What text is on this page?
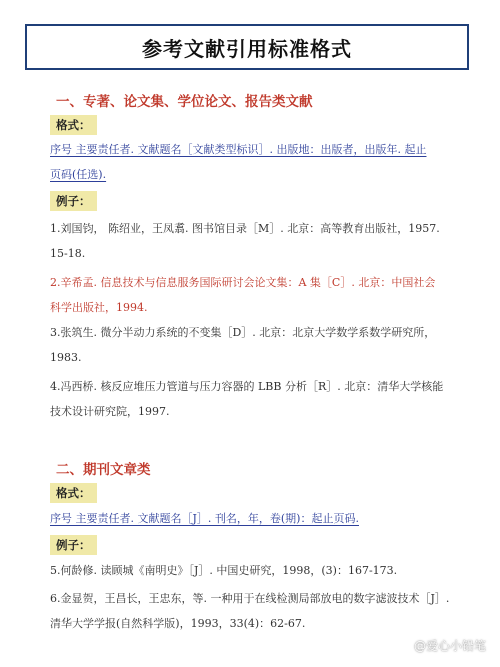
参考文献引用标准格式
一、专著、论文集、学位论文、报告类文献
格式：
序号 主要责任者. 文献题名［文献类型标识］. 出版地：出版者，出版年. 起止
页码(任选).
例子：
1.刘国钧， 陈绍业，王凤翥. 图书馆目录［M］. 北京：高等教育出版社，1957.
15-18.
2.辛希孟. 信息技术与信息服务国际研讨会论文集：A 集［C］. 北京：中国社会
科学出版社，1994.
3.张筑生. 微分半动力系统的不变集［D］. 北京：北京大学数学系数学研究所，
1983.
4.冯西桥. 核反应堆压力管道与压力容器的 LBB 分析［R］. 北京：清华大学核能
技术设计研究院，1997.
二、期刊文章类
格式：
序号 主要责任者. 文献题名［J］. 刊名，年，卷(期)：起止页码.
例子：
5.何龄修. 读顾城《南明史》［J］. 中国史研究，1998，(3)：167-173.
6.金显贺，王昌长，王忠东，等. 一种用于在线检测局部放电的数字滤波技术［J］.
清华大学学报(自然科学版)，1993，33(4)：62-67.
@爱心小铅笔
